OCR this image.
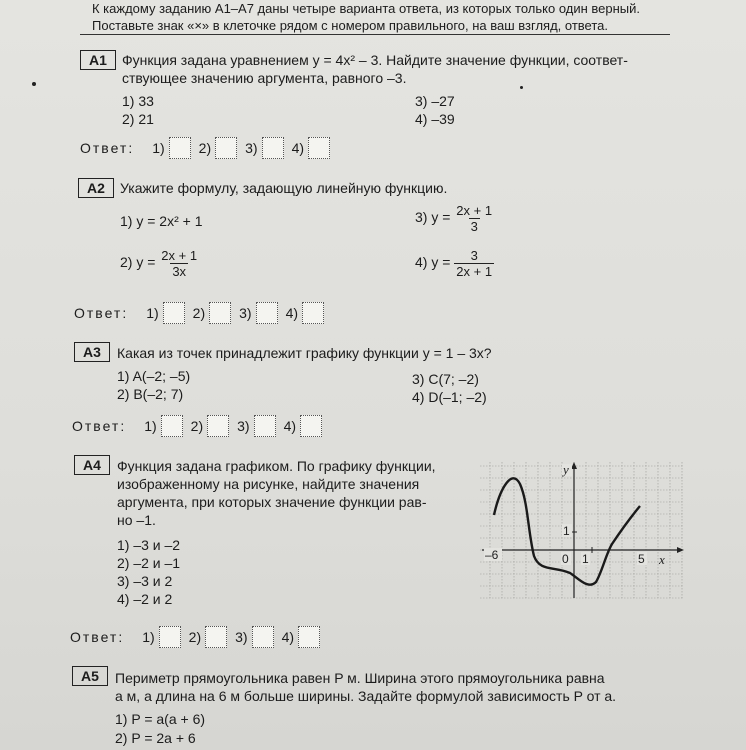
К каждому заданию А1–А7 даны четыре варианта ответа, из которых только один верный.
Поставьте знак «×» в клеточке рядом с номером правильного, на ваш взгляд, ответа.
А1	Функция задана уравнением y = 4x² – 3. Найдите значение функции, соответ-
ствующее значению аргумента, равного –3.
1) 33
2) 21
3) –27
4) –39
Ответ: 1) 2) 3) 4)
А2	Укажите формулу, задающую линейную функцию.
1) y = 2x² + 1
2) $y = \frac{2x + 1}{3x}$
3) $y = \frac{2x + 1}{3}$
4) $y = \frac{3}{2x + 1}$
Ответ: 1) 2) 3) 4)
А3	Какая из точек принадлежит графику функции y = 1 – 3x?
1) A(–2; –5)
2) B(–2; 7)
3) C(7; –2)
4) D(–1; –2)
Ответ: 1) 2) 3) 4)
А4	Функция задана графиком. По графику функции,
изображенному на рисунке, найдите значения
аргумента, при которых значение функции рав-
но –1.
1) –3 и –2
2) –2 и –1
3) –3 и 2
4) –2 и 2
y
x
1
–6	0 1	5
Ответ: 1) 2) 3) 4)
А5	Периметр прямоугольника равен P м. Ширина этого прямоугольника равна
a м, а длина на 6 м больше ширины. Задайте формулой зависимость P от a.
1) P = a(a + 6)
2) P = 2a + 6
